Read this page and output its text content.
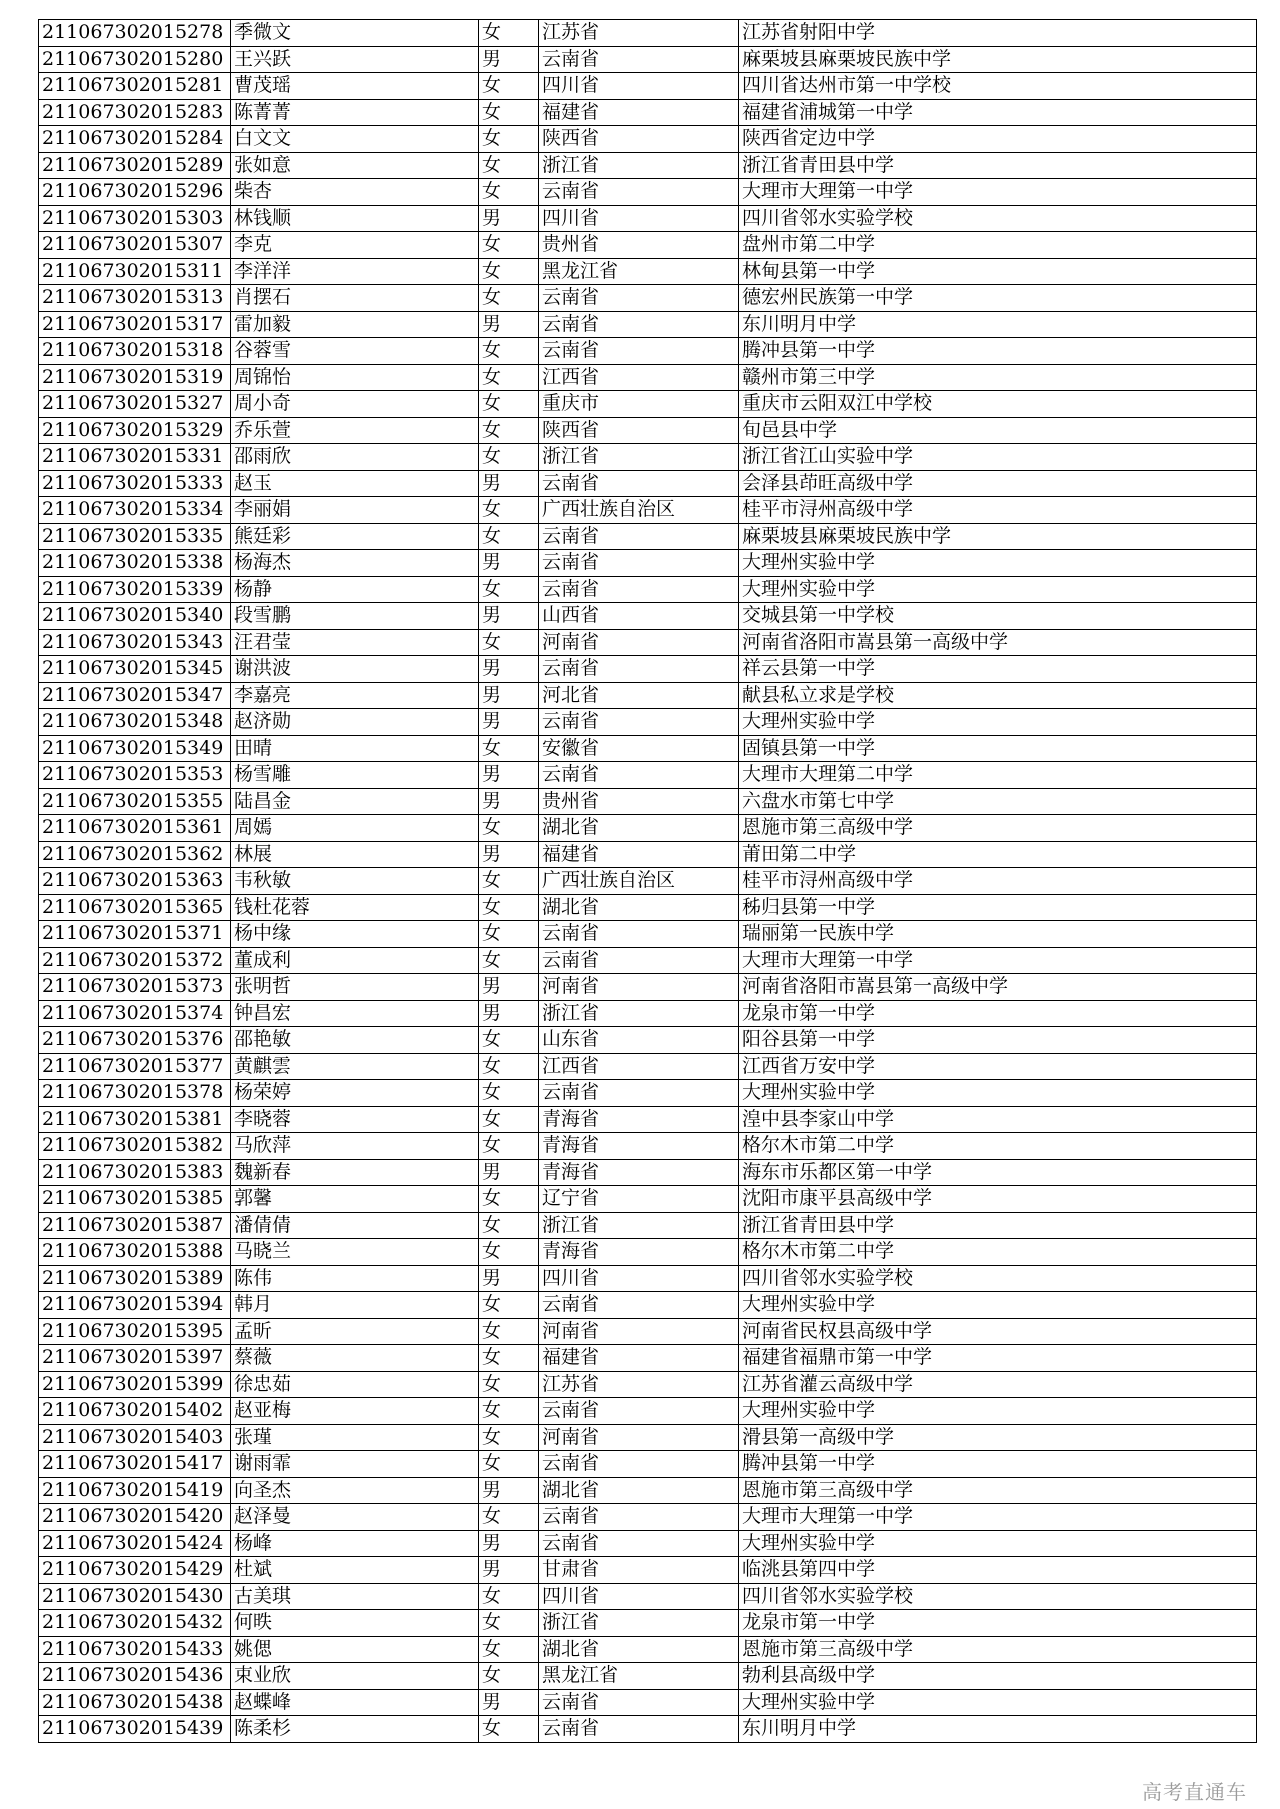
211067302015278	季微文	女	江苏省	江苏省射阳中学
211067302015280	王兴跃	男	云南省	麻栗坡县麻栗坡民族中学
211067302015281	曹茂瑶	女	四川省	四川省达州市第一中学校
211067302015283	陈菁菁	女	福建省	福建省浦城第一中学
211067302015284	白文文	女	陕西省	陕西省定边中学
211067302015289	张如意	女	浙江省	浙江省青田县中学
211067302015296	柴杏	女	云南省	大理市大理第一中学
211067302015303	林钱顺	男	四川省	四川省邻水实验学校
211067302015307	李克	女	贵州省	盘州市第二中学
211067302015311	李洋洋	女	黑龙江省	林甸县第一中学
211067302015313	肖摆石	女	云南省	德宏州民族第一中学
211067302015317	雷加毅	男	云南省	东川明月中学
211067302015318	谷蓉雪	女	云南省	腾冲县第一中学
211067302015319	周锦怡	女	江西省	赣州市第三中学
211067302015327	周小奇	女	重庆市	重庆市云阳双江中学校
211067302015329	乔乐萱	女	陕西省	旬邑县中学
211067302015331	邵雨欣	女	浙江省	浙江省江山实验中学
211067302015333	赵玉	男	云南省	会泽县茚旺高级中学
211067302015334	李丽娟	女	广西壮族自治区	桂平市浔州高级中学
211067302015335	熊廷彩	女	云南省	麻栗坡县麻栗坡民族中学
211067302015338	杨海杰	男	云南省	大理州实验中学
211067302015339	杨静	女	云南省	大理州实验中学
211067302015340	段雪鹏	男	山西省	交城县第一中学校
211067302015343	汪君莹	女	河南省	河南省洛阳市嵩县第一高级中学
211067302015345	谢洪波	男	云南省	祥云县第一中学
211067302015347	李嘉亮	男	河北省	献县私立求是学校
211067302015348	赵济勋	男	云南省	大理州实验中学
211067302015349	田晴	女	安徽省	固镇县第一中学
211067302015353	杨雪雕	男	云南省	大理市大理第二中学
211067302015355	陆昌金	男	贵州省	六盘水市第七中学
211067302015361	周嫣	女	湖北省	恩施市第三高级中学
211067302015362	林展	男	福建省	莆田第二中学
211067302015363	韦秋敏	女	广西壮族自治区	桂平市浔州高级中学
211067302015365	钱杜花蓉	女	湖北省	秭归县第一中学
211067302015371	杨中缘	女	云南省	瑞丽第一民族中学
211067302015372	董成利	女	云南省	大理市大理第一中学
211067302015373	张明哲	男	河南省	河南省洛阳市嵩县第一高级中学
211067302015374	钟昌宏	男	浙江省	龙泉市第一中学
211067302015376	邵艳敏	女	山东省	阳谷县第一中学
211067302015377	黄麒雲	女	江西省	江西省万安中学
211067302015378	杨荣婷	女	云南省	大理州实验中学
211067302015381	李晓蓉	女	青海省	湟中县李家山中学
211067302015382	马欣萍	女	青海省	格尔木市第二中学
211067302015383	魏新春	男	青海省	海东市乐都区第一中学
211067302015385	郭馨	女	辽宁省	沈阳市康平县高级中学
211067302015387	潘倩倩	女	浙江省	浙江省青田县中学
211067302015388	马晓兰	女	青海省	格尔木市第二中学
211067302015389	陈伟	男	四川省	四川省邻水实验学校
211067302015394	韩月	女	云南省	大理州实验中学
211067302015395	孟昕	女	河南省	河南省民权县高级中学
211067302015397	蔡薇	女	福建省	福建省福鼎市第一中学
211067302015399	徐忠茹	女	江苏省	江苏省灌云高级中学
211067302015402	赵亚梅	女	云南省	大理州实验中学
211067302015403	张瑾	女	河南省	滑县第一高级中学
211067302015417	谢雨霏	女	云南省	腾冲县第一中学
211067302015419	向圣杰	男	湖北省	恩施市第三高级中学
211067302015420	赵泽曼	女	云南省	大理市大理第一中学
211067302015424	杨峰	男	云南省	大理州实验中学
211067302015429	杜斌	男	甘肃省	临洮县第四中学
211067302015430	古美琪	女	四川省	四川省邻水实验学校
211067302015432	何昳	女	浙江省	龙泉市第一中学
211067302015433	姚偲	女	湖北省	恩施市第三高级中学
211067302015436	束业欣	女	黑龙江省	勃利县高级中学
211067302015438	赵蝶峰	男	云南省	大理州实验中学
211067302015439	陈柔杉	女	云南省	东川明月中学
高考直通车
